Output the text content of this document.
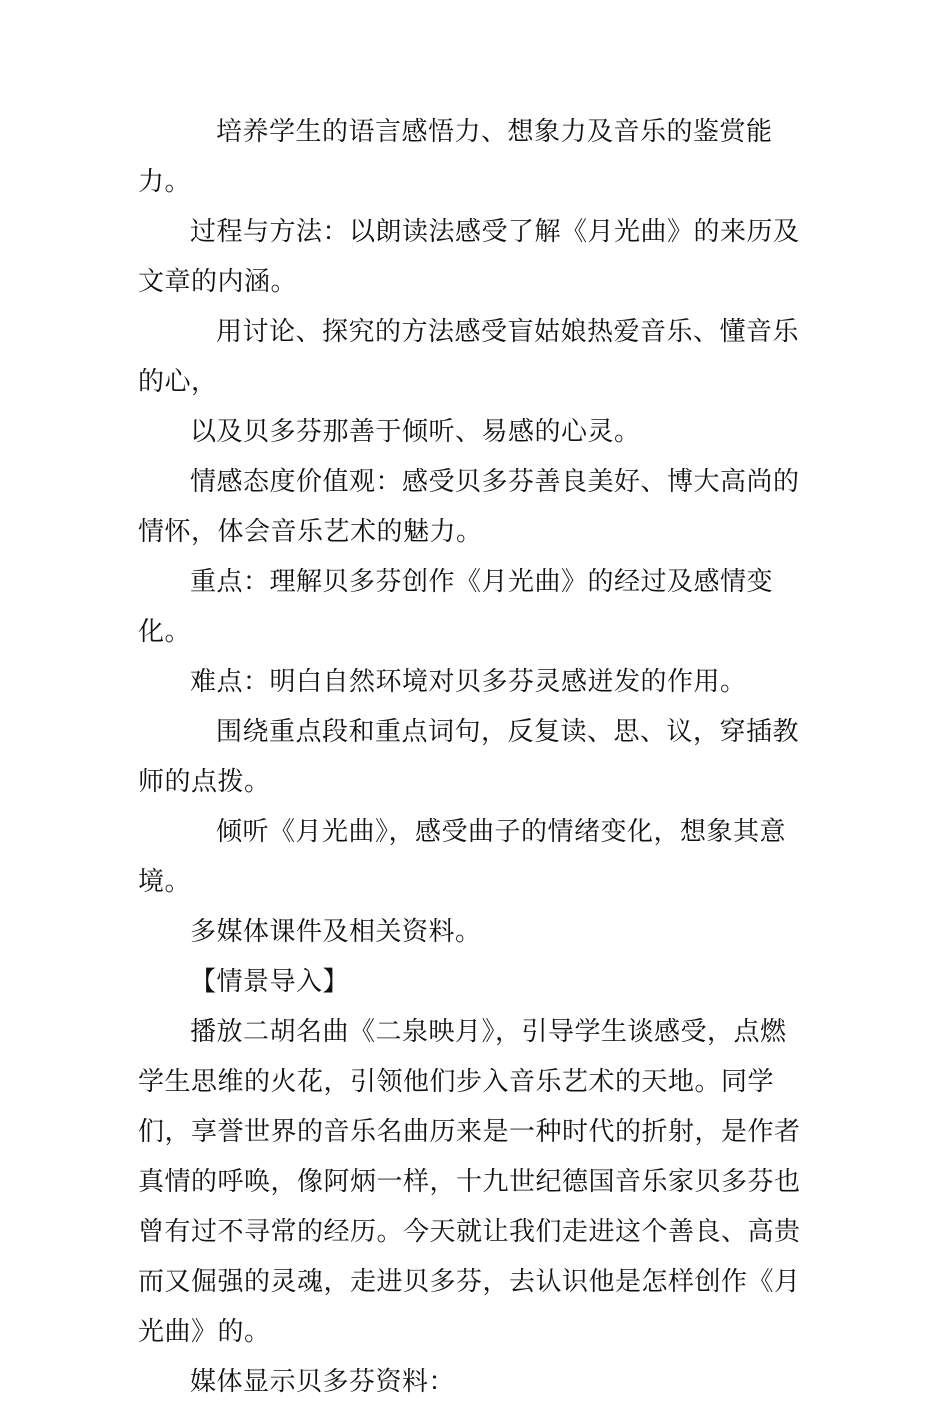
培养学生的语言感悟力、想象力及音乐的鉴赏能力。

过程与方法：以朗读法感受了解《月光曲》的来历及文章的内涵。

用讨论、探究的方法感受盲姑娘热爱音乐、懂音乐的心，

以及贝多芬那善于倾听、易感的心灵。

情感态度价值观：感受贝多芬善良美好、博大高尚的情怀，体会音乐艺术的魅力。

重点：理解贝多芬创作《月光曲》的经过及感情变化。

难点：明白自然环境对贝多芬灵感迸发的作用。

围绕重点段和重点词句，反复读、思、议，穿插教师的点拨。

倾听《月光曲》，感受曲子的情绪变化，想象其意境。

多媒体课件及相关资料。

【情景导入】

播放二胡名曲《二泉映月》，引导学生谈感受，点燃学生思维的火花，引领他们步入音乐艺术的天地。同学们，享誉世界的音乐名曲历来是一种时代的折射，是作者真情的呼唤，像阿炳一样，十九世纪德国音乐家贝多芬也曾有过不寻常的经历。今天就让我们走进这个善良、高贵而又倔强的灵魂，走进贝多芬，去认识他是怎样创作《月光曲》的。

媒体显示贝多芬资料：
